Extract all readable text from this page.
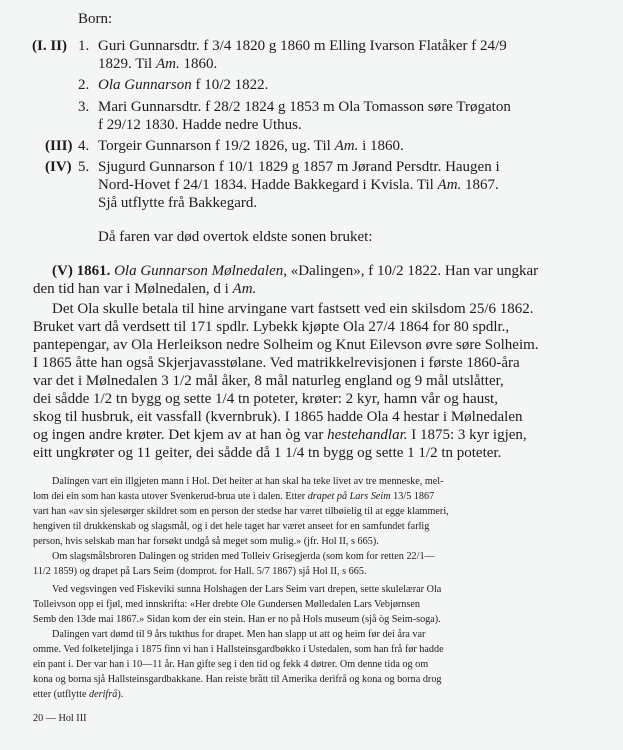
Born:
(I. II) 1. Guri Gunnarsdtr. f 3/4 1820 g 1860 m Elling Ivarson Flatåker f 24/9
1829. Til Am. 1860.
2. Ola Gunnarson f 10/2 1822.
3. Mari Gunnarsdtr. f 28/2 1824 g 1853 m Ola Tomasson søre Trøgaton
f 29/12 1830. Hadde nedre Uthus.
(III) 4. Torgeir Gunnarson f 19/2 1826, ug. Til Am. i 1860.
(IV) 5. Sjugurd Gunnarson f 10/1 1829 g 1857 m Jørand Persdtr. Haugen i
Nord-Hovet f 24/1 1834. Hadde Bakkegard i Kvisla. Til Am. 1867.
Sjå utflytte frå Bakkegard.
Då faren var død overtok eldste sonen bruket:
(V) 1861. Ola Gunnarson Mølnedalen, «Dalingen», f 10/2 1822. Han var ungkar
den tid han var i Mølnedalen, d i Am.
Det Ola skulle betala til hine arvingane vart fastsett ved ein skilsdom 25/6 1862.
Bruket vart då verdsett til 171 spdlr. Lybekk kjøpte Ola 27/4 1864 for 80 spdlr.,
pantepengar, av Ola Herleikson nedre Solheim og Knut Eilevson øvre søre Solheim.
I 1865 åtte han også Skjerjavasstølane. Ved matrikkelrevisjonen i første 1860-åra
var det i Mølnedalen 3 1/2 mål åker, 8 mål naturleg england og 9 mål utslåtter,
dei sådde 1/2 tn bygg og sette 1/4 tn poteter, krøter: 2 kyr, hamn vår og haust,
skog til husbruk, eit vassfall (kvernbruk). I 1865 hadde Ola 4 hestar i Mølnedalen
og ingen andre krøter. Det kjem av at han òg var hestehandlar. I 1875: 3 kyr igjen,
eitt ungkrøter og 11 geiter, dei sådde då 1 1/4 tn bygg og sette 1 1/2 tn poteter.
Dalingen vart ein illgjeten mann i Hol. Det heiter at han skal ha teke livet av tre menneske, mel-
lom dei ein som han kasta utover Svenkerud-brua ute i dalen. Etter drapet på Lars Seim 13/5 1867
vart han «av sin sjelesørger skildret som en person der stedse har været tilbøielig til at egge klammeri,
hengiven til drukkenskab og slagsmål, og i det hele taget har været anseet for en samfundet farlig
person, hvis selskab man har forsøkt undgå så meget som mulig.» (jfr. Hol II, s 665).
Om slagsmålsbroren Dalingen og striden med Tolleiv Grisegjerda (som kom for retten 22/1—
11/2 1859) og drapet på Lars Seim (domprot. for Hall. 5/7 1867) sjå Hol II, s 665.
Ved vegsvingen ved Fiskeviki sunna Holshagen der Lars Seim vart drepen, sette skulelærar Ola
Tolleivson opp ei fjøl, med innskrifta: «Her drebte Ole Gundersen Mølledalen Lars Vebjørnsen
Semb den 13de mai 1867.» Sidan kom der ein stein. Han er no på Hols museum (sjå òg Seim-soga).
Dalingen vart dømd til 9 års tukthus for drapet. Men han slapp ut att og heim før dei åra var
omme. Ved folketeljinga i 1875 finn vi han i Hallsteinsgardbøkko i Ustedalen, som han frå før hadde
ein pant i. Der var han i 10—11 år. Han gifte seg i den tid og fekk 4 døtrer. Om denne tida og om
kona og borna sjå Hallsteinsgardbakkane. Han reiste brått til Amerika derifrå og kona og borna drog
etter (utflytte derifrå).
20 — Hol III
